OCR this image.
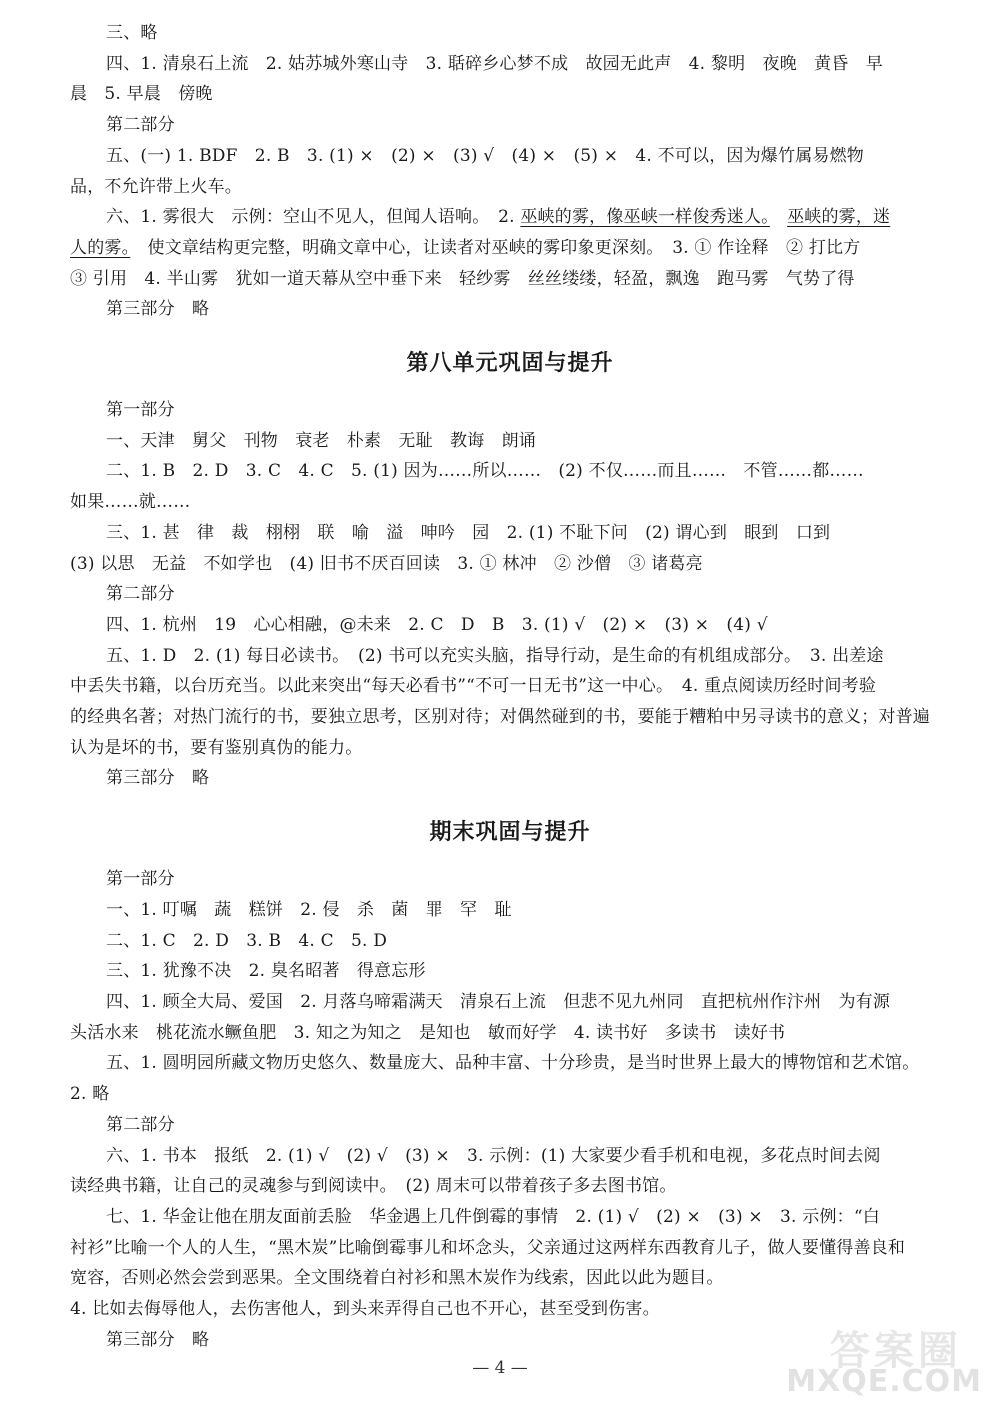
三、略

四、1. 清泉石上流　2. 姑苏城外寒山寺　3. 聒碎乡心梦不成　故园无此声　4. 黎明　夜晚　黄昏　早

晨　5. 早晨　傍晚

第二部分

五、(一) 1. BDF　2. B　3. (1) ×　(2) ×　(3) √　(4) ×　(5) ×　4. 不可以，因为爆竹属易燃物

品，不允许带上火车。

六、1. 雾很大　示例：空山不见人，但闻人语响。　2. 巫峡的雾，像巫峡一样俊秀迷人。　 巫峡的雾，迷

人的雾。　使文章结构更完整，明确文章中心，让读者对巫峡的雾印象更深刻。　3. ① 作诠释　② 打比方

③ 引用　4. 半山雾　犹如一道天幕从空中垂下来　轻纱雾　丝丝缕缕，轻盈，飘逸　跑马雾　气势了得

第三部分　略

第八单元巩固与提升

第一部分

一、天津　舅父　刊物　衰老　朴素　无耻　教诲　朗诵

二、1. B　2. D　3. C　4. C　5. (1) 因为……所以……　(2) 不仅……而且……　不管……都……

如果……就……

三、1. 甚　律　裁　栩栩　联　喻　溢　呻吟　园　2. (1) 不耻下问　(2) 谓心到　眼到　口到

(3) 以思　无益　不如学也　(4) 旧书不厌百回读　3. ① 林冲　② 沙僧　③ 诸葛亮

第二部分

四、1. 杭州　19　心心相融，@未来　2. C　D　B　3. (1) √　(2) ×　(3) ×　(4) √

五、1. D　2. (1) 每日必读书。　(2) 书可以充实头脑，指导行动，是生命的有机组成部分。　3. 出差途

中丢失书籍，以台历充当。以此来突出“每天必看书”“不可一日无书”这一中心。　4. 重点阅读历经时间考验

的经典名著；对热门流行的书，要独立思考，区别对待；对偶然碰到的书，要能于糟粕中另寻读书的意义；对普遍

认为是坏的书，要有鉴别真伪的能力。

第三部分　略

期末巩固与提升

第一部分

一、1. 叮嘱　蔬　糕饼　2. 侵　杀　菌　罪　罕　耻

二、1. C　2. D　3. B　4. C　5. D

三、1. 犹豫不决　2. 臭名昭著　得意忘形

四、1. 顾全大局、爱国　2. 月落乌啼霜满天　清泉石上流　但悲不见九州同　直把杭州作汴州　为有源

头活水来　桃花流水鳜鱼肥　3. 知之为知之　是知也　敏而好学　4. 读书好　多读书　读好书

五、1. 圆明园所藏文物历史悠久、数量庞大、品种丰富、十分珍贵，是当时世界上最大的博物馆和艺术馆。

2. 略

第二部分

六、1. 书本　报纸　2. (1) √　(2) √　(3) ×　3. 示例：(1) 大家要少看手机和电视，多花点时间去阅

读经典书籍，让自己的灵魂参与到阅读中。　(2) 周末可以带着孩子多去图书馆。

七、1. 华金让他在朋友面前丢脸　华金遇上几件倒霉的事情　2. (1) √　(2) ×　(3) ×　3. 示例：“白

衬衫”比喻一个人的人生，“黑木炭”比喻倒霉事儿和坏念头，父亲通过这两样东西教育儿子，做人要懂得善良和

宽容，否则必然会尝到恶果。全文围绕着白衬衫和黑木炭作为线索，因此以此为题目。

4. 比如去侮辱他人，去伤害他人，到头来弄得自己也不开心，甚至受到伤害。

第三部分　略

— 4 —	答案圈
MXQE.COM
